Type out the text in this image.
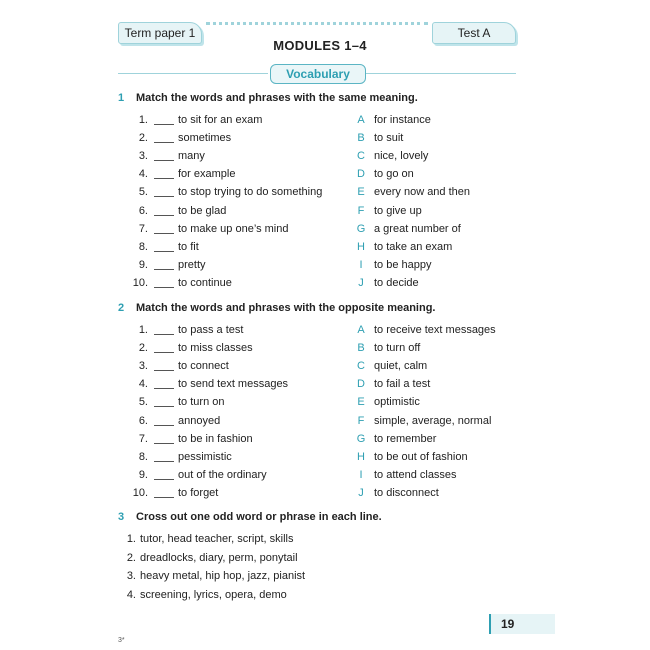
Term paper 1	Test A
MODULES 1–4
Vocabulary
1 Match the words and phrases with the same meaning.
1.	to sit for an exam	A for instance
2.	sometimes	B to suit
3.	many	C nice, lovely
4.	for example	D to go on
5.	to stop trying to do something	E every now and then
6.	to be glad	F to give up
7.	to make up one’s mind	G a great number of
8.	to fit	H to take an exam
9.	pretty	I	to be happy
10.	to continue	J to decide
2 Match the words and phrases with the opposite meaning.
1.	to pass a test	A to receive text messages
2.	to miss classes	B to turn off
3.	to connect	C quiet, calm
4.	to send text messages	D to fail a test
5.	to turn on	E optimistic
6.	annoyed	F simple, average, normal
7.	to be in fashion	G to remember
8.	pessimistic	H to be out of fashion
9.	out of the ordinary	I	to attend classes
10.	to forget	J to disconnect
3 Cross out one odd word or phrase in each line.
1. tutor, head teacher, script, skills
2. dreadlocks, diary, perm, ponytail
3. heavy metal, hip hop, jazz, pianist
4. screening, lyrics, opera, demo
19
3*
